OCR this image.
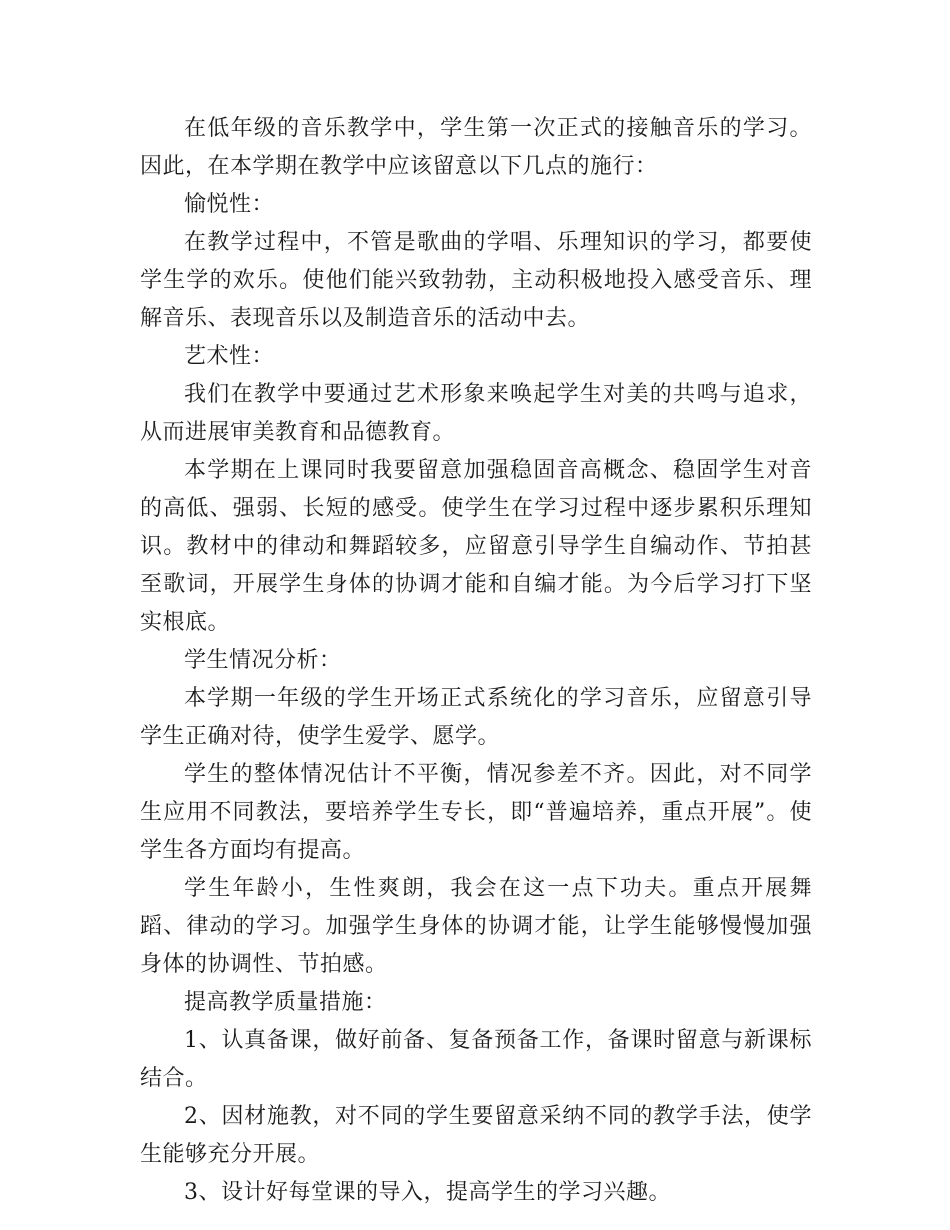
在低年级的音乐教学中，学生第一次正式的接触音乐的学习。因此，在本学期在教学中应该留意以下几点的施行：

愉悦性：

在教学过程中，不管是歌曲的学唱、乐理知识的学习，都要使学生学的欢乐。使他们能兴致勃勃，主动积极地投入感受音乐、理解音乐、表现音乐以及制造音乐的活动中去。

艺术性：

我们在教学中要通过艺术形象来唤起学生对美的共鸣与追求，从而进展审美教育和品德教育。

本学期在上课同时我要留意加强稳固音高概念、稳固学生对音的高低、强弱、长短的感受。使学生在学习过程中逐步累积乐理知识。教材中的律动和舞蹈较多，应留意引导学生自编动作、节拍甚至歌词，开展学生身体的协调才能和自编才能。为今后学习打下坚实根底。

学生情况分析：

本学期一年级的学生开场正式系统化的学习音乐，应留意引导学生正确对待，使学生爱学、愿学。

学生的整体情况估计不平衡，情况参差不齐。因此，对不同学生应用不同教法，要培养学生专长，即“普遍培养，重点开展”。使学生各方面均有提高。

学生年龄小，生性爽朗，我会在这一点下功夫。重点开展舞蹈、律动的学习。加强学生身体的协调才能，让学生能够慢慢加强身体的协调性、节拍感。

提高教学质量措施：

1、认真备课，做好前备、复备预备工作，备课时留意与新课标结合。

2、因材施教，对不同的学生要留意采纳不同的教学手法，使学生能够充分开展。

3、设计好每堂课的导入，提高学生的学习兴趣。
